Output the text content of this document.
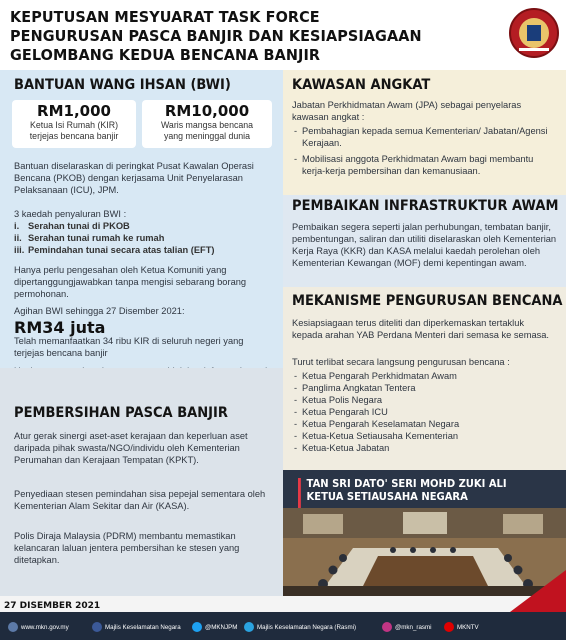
KEPUTUSAN MESYUARAT TASK FORCE
PENGURUSAN PASCA BANJIR DAN KESIAPSIAGAAN
GELOMBANG KEDUA BENCANA BANJIR
BANTUAN WANG IHSAN (BWI)
RM1,000
Ketua Isi Rumah (KIR)
terjejas bencana banjir
RM10,000
Waris mangsa bencana
yang meninggal dunia
Bantuan diselaraskan di peringkat Pusat Kawalan Operasi Bencana (PKOB) dengan kerjasama Unit Penyelarasan Pelaksanaan (ICU), JPM.
3 kaedah penyaluran BWI :
i. Serahan tunai di PKOB
ii. Serahan tunai rumah ke rumah
iii. Pemindahan tunai secara atas talian (EFT)
Hanya perlu pengesahan oleh Ketua Komuniti yang dipertanggungjawabkan tanpa mengisi sebarang borang permohonan.
Agihan BWI sehingga 27 Disember 2021:
RM34 juta
Telah memanfaatkan 34 ribu KIR di seluruh negeri yang terjejas bencana banjir
PEMBERSIHAN PASCA BANJIR
Atur gerak sinergi aset-aset kerajaan dan keperluan aset daripada pihak swasta/NGO/individu oleh Kementerian Perumahan dan Kerajaan Tempatan (KPKT).
Penyediaan stesen pemindahan sisa pepejal sementara oleh Kementerian Alam Sekitar dan Air (KASA).
Polis Diraja Malaysia (PDRM) membantu memastikan kelancaran laluan jentera pembersihan ke stesen yang ditetapkan.
KAWASAN ANGKAT
Jabatan Perkhidmatan Awam (JPA) sebagai penyelaras kawasan angkat :
- Pembahagian kepada semua Kementerian/ Jabatan/Agensi Kerajaan.
- Mobilisasi anggota Perkhidmatan Awam bagi membantu kerja-kerja pembersihan dan kemanusiaan.
PEMBAIKAN INFRASTRUKTUR AWAM
Pembaikan segera seperti jalan perhubungan, tembatan banjir, pembentungan, saliran dan utiliti diselaraskan oleh Kementerian Kerja Raya (KKR) dan KASA melalui kaedah perolehan oleh Kementerian Kewangan (MOF) demi kepentingan awam.
MEKANISME PENGURUSAN BENCANA
Kesiapsiagaan terus diteliti dan diperkemaskan tertakluk kepada arahan YAB Perdana Menteri dari semasa ke semasa.
Turut terlibat secara langsung pengurusan bencana :
- Ketua Pengarah Perkhidmatan Awam
- Panglima Angkatan Tentera
- Ketua Polis Negara
- Ketua Pengarah ICU
- Ketua Pengarah Keselamatan Negara
- Ketua-Ketua Setiausaha Kementerian
- Ketua-Ketua Jabatan
TAN SRI DATO' SERI MOHD ZUKI ALI
KETUA SETIAUSAHA NEGARA
27 DISEMBER 2021
www.mkn.gov.my	Majlis Keselamatan Negara	@MKNJPM	Majlis Keselamatan Negara (Rasmi)	@mkn_rasmi	MKNTV
